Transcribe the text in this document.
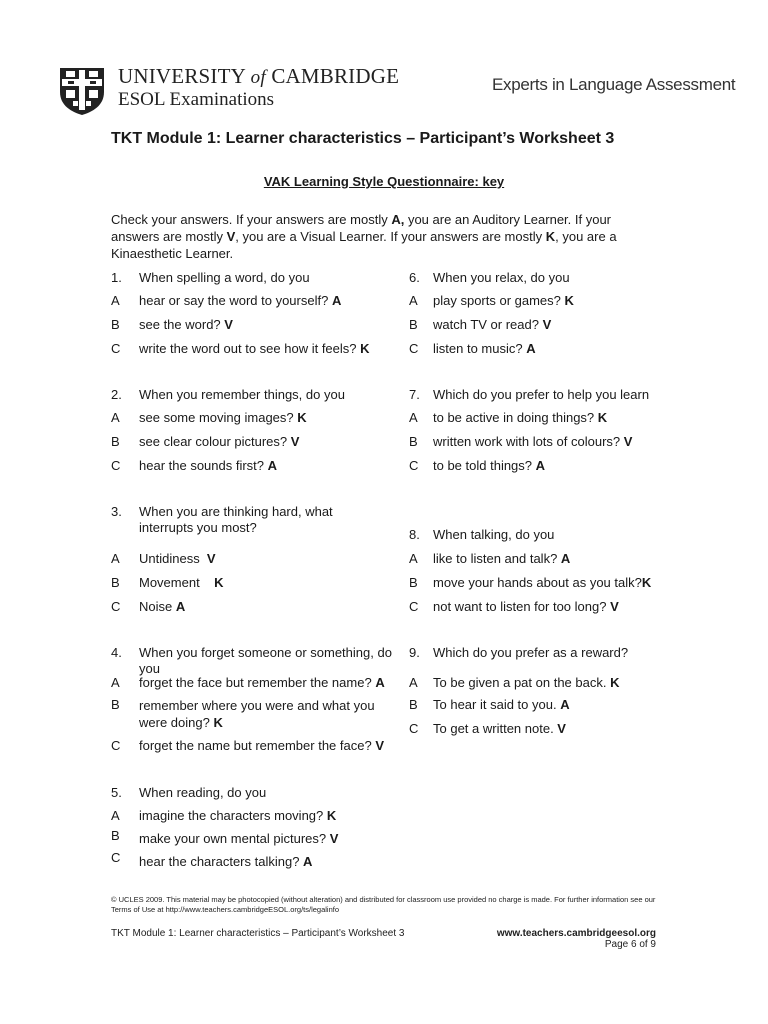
UNIVERSITY of CAMBRIDGE
ESOL Examinations
Experts in Language Assessment
TKT Module 1: Learner characteristics – Participant’s Worksheet 3
VAK Learning Style Questionnaire: key
Check your answers. If your answers are mostly A, you are an Auditory Learner. If your answers are mostly V, you are a Visual Learner. If your answers are mostly K, you are a Kinaesthetic Learner.
1. When spelling a word, do you
A hear or say the word to yourself? A
B see the word? V
C write the word out to see how it feels? K
2. When you remember things, do you
A see some moving images? K
B see clear colour pictures? V
C hear the sounds first? A
3. When you are thinking hard, what interrupts you most?
A Untidiness  V
B Movement    K
C Noise A
4. When you forget someone or something, do you
A forget the face but remember the name? A
B remember where you were and what you were doing? K
C forget the name but remember the face? V
5. When reading, do you
A imagine the characters moving? K
B make your own mental pictures? V
C hear the characters talking? A
6. When you relax, do you
A play sports or games? K
B watch TV or read? V
C listen to music? A
7. Which do you prefer to help you learn
A to be active in doing things? K
B written work with lots of colours? V
C to be told things? A
8. When talking, do you
A like to listen and talk? A
B move your hands about as you talk?K
C not want to listen for too long? V
9. Which do you prefer as a reward?
A To be given a pat on the back. K
B To hear it said to you. A
C To get a written note. V
© UCLES 2009. This material may be photocopied (without alteration) and distributed for classroom use provided no charge is made. For further information see our Terms of Use at http://www.teachers.cambridgeESOL.org/ts/legalinfo
TKT Module 1: Learner characteristics – Participant’s Worksheet 3	www.teachers.cambridgeesol.org
Page 6 of 9
